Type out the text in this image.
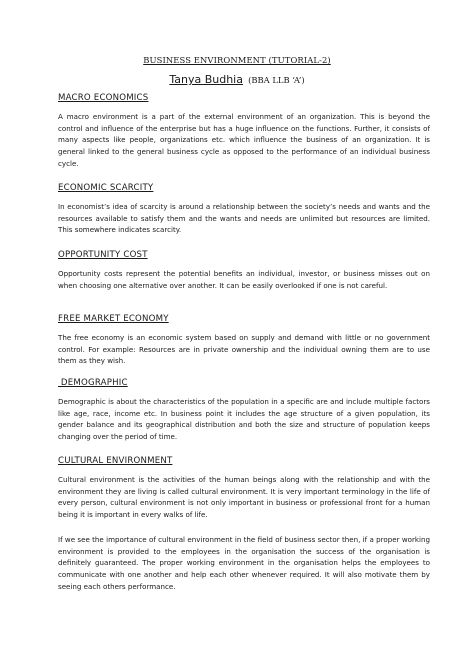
BUSINESS ENVIRONMENT (TUTORIAL-2)
Tanya Budhia (BBA LLB ‘A’)
MACRO ECONOMICS
A macro environment is a part of the external environment of an organization. This is beyond the control and influence of the enterprise but has a huge influence on the functions. Further, it consists of many aspects like people, organizations etc. which influence the business of an organization. It is general linked to the general business cycle as opposed to the performance of an individual business cycle.
ECONOMIC SCARCITY
In economist’s idea of scarcity is around a relationship between the society’s needs and wants and the resources available to satisfy them and the wants and needs are unlimited but resources are limited. This somewhere indicates scarcity.
OPPORTUNITY COST
Opportunity costs represent the potential benefits an individual, investor, or business misses out on when choosing one alternative over another. It can be easily overlooked if one is not careful.
FREE MARKET ECONOMY
The free economy is an economic system based on supply and demand with little or no government control. For example: Resources are in private ownership and the individual owning them are to use them as they wish.
DEMOGRAPHIC
Demographic is about the characteristics of the population in a specific are and include multiple factors like age, race, income etc. In business point it includes the age structure of a given population, its gender balance and its geographical distribution and both the size and structure of population keeps changing over the period of time.
CULTURAL ENVIRONMENT
Cultural environment is the activities of the human beings along with the relationship and with the environment they are living is called cultural environment. It is very important terminology in the life of every person, cultural environment is not only important in business or professional front for a human being it is important in every walks of life.
If we see the importance of cultural environment in the field of business sector then, if a proper working environment is provided to the employees in the organisation the success of the organisation is definitely guaranteed. The proper working environment in the organisation helps the employees to communicate with one another and help each other whenever required. It will also motivate them by seeing each others performance.
